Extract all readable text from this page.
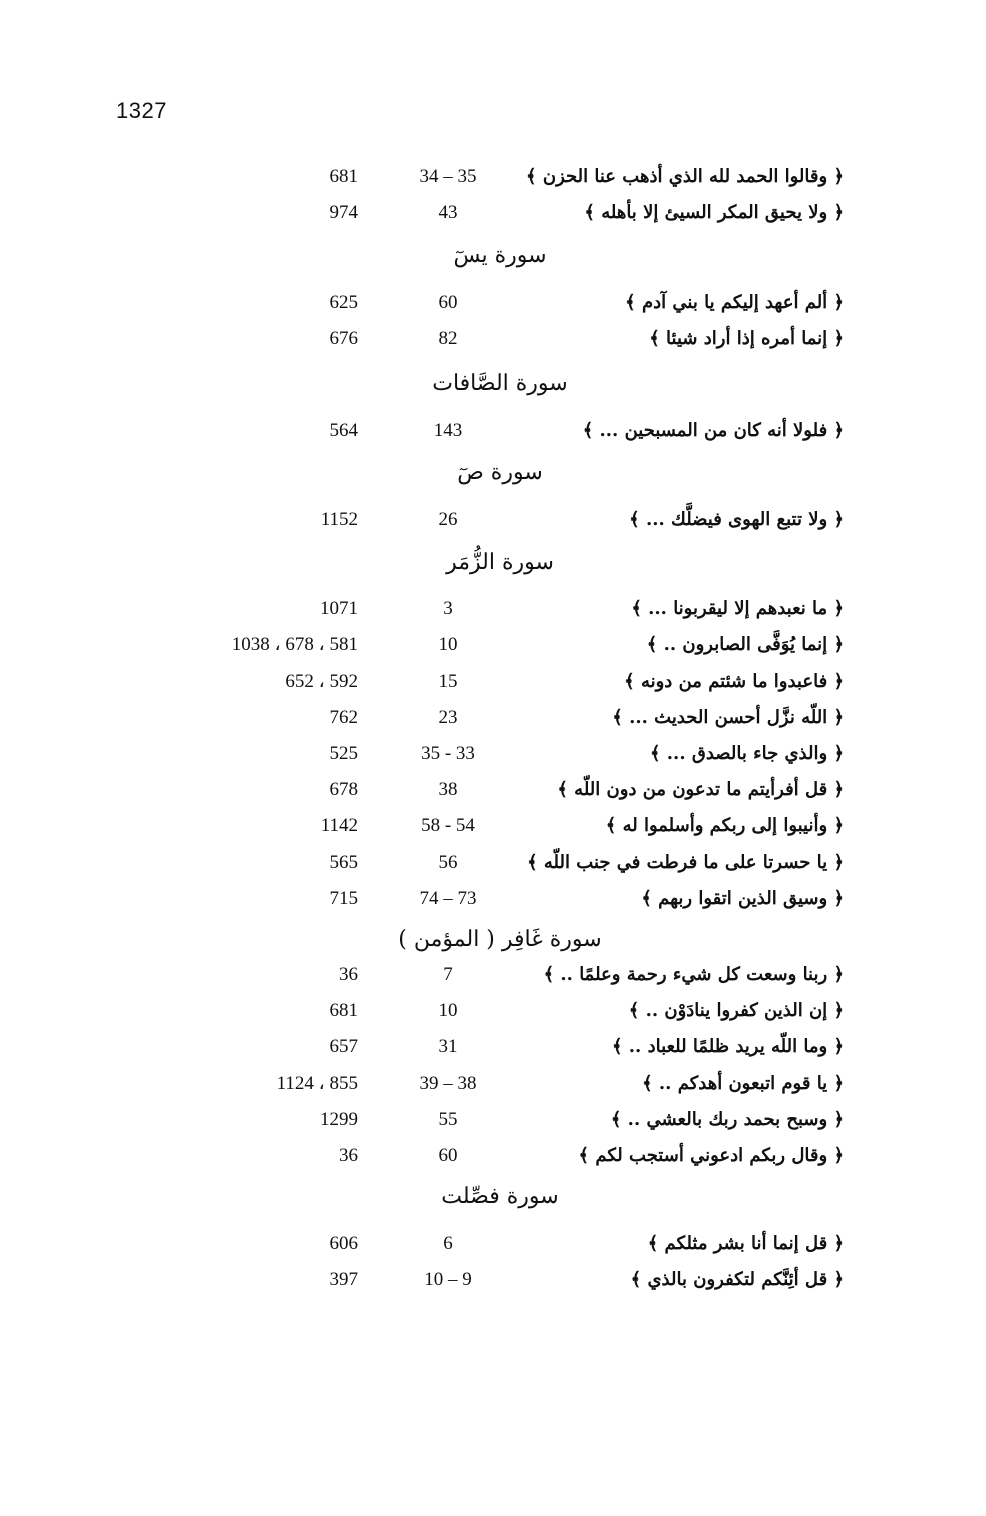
1327
﴿ وقالوا الحمد لله الذي أذهب عنا الحزن ﴾
34 – 35
681
﴿ ولا يحيق المكر السيئ إلا بأهله ﴾
43
974
سورة يسٓ
﴿ ألم أعهد إليكم يا بني آدم ﴾
60
625
﴿ إنما أمره إذا أراد شيئا ﴾
82
676
سورة الصَّافات
﴿ فلولا أنه كان من المسبحين ... ﴾
143
564
سورة صٓ
﴿ ولا تتبع الهوى فيضلَّك ... ﴾
26
1152
سورة الزُّمَر
﴿ ما نعبدهم إلا ليقربونا ... ﴾
3
1071
﴿ إنما يُوَفَّى الصابرون .. ﴾
10
1038 ، 678 ، 581
﴿ فاعبدوا ما شئتم من دونه ﴾
15
652 ، 592
﴿ اللّه نزَّل أحسن الحديث ... ﴾
23
762
﴿ والذي جاء بالصدق ... ﴾
35 - 33
525
﴿ قل أفرأيتم ما تدعون من دون اللّه ﴾
38
678
﴿ وأنيبوا إلى ربكم وأسلموا له ﴾
58 - 54
1142
﴿ يا حسرتا على ما فرطت في جنب اللّه ﴾
56
565
﴿ وسيق الذين اتقوا ربهم ﴾
74 – 73
715
سورة غَافِر ( المؤمن )
﴿ ربنا وسعت كل شيء رحمة وعلمًا .. ﴾
7
36
﴿ إن الذين كفروا ينادَوْن .. ﴾
10
681
﴿ وما اللّه يريد ظلمًا للعباد .. ﴾
31
657
﴿ يا قوم اتبعون أهدكم .. ﴾
39 – 38
1124 ، 855
﴿ وسبح بحمد ربك بالعشي .. ﴾
55
1299
﴿ وقال ربكم ادعوني أستجب لكم ﴾
60
36
سورة فصِّلت
﴿ قل إنما أنا بشر مثلكم ﴾
6
606
﴿ قل أئِنَّكم لتكفرون بالذي ﴾
10 – 9
397
